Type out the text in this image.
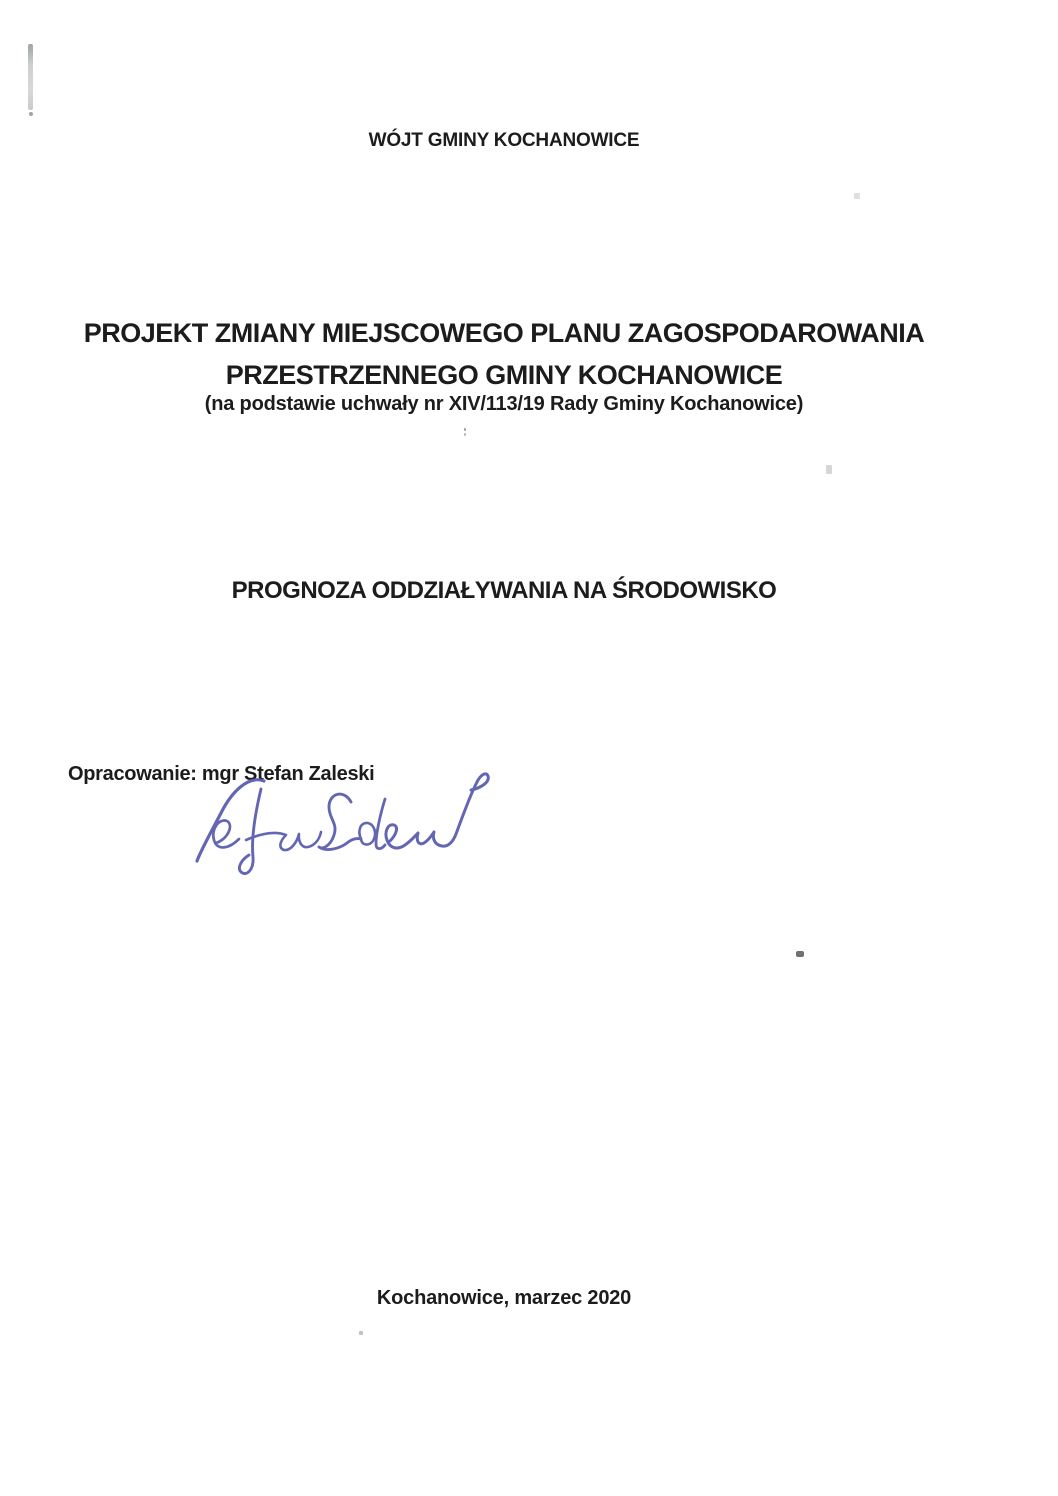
WÓJT GMINY KOCHANOWICE
PROJEKT ZMIANY MIEJSCOWEGO PLANU ZAGOSPODAROWANIA PRZESTRZENNEGO GMINY KOCHANOWICE
(na podstawie uchwały nr XIV/113/19 Rady Gminy Kochanowice)
PROGNOZA ODDZIAŁYWANIA NA ŚRODOWISKO
Opracowanie: mgr Stefan Zaleski
Kochanowice, marzec 2020
